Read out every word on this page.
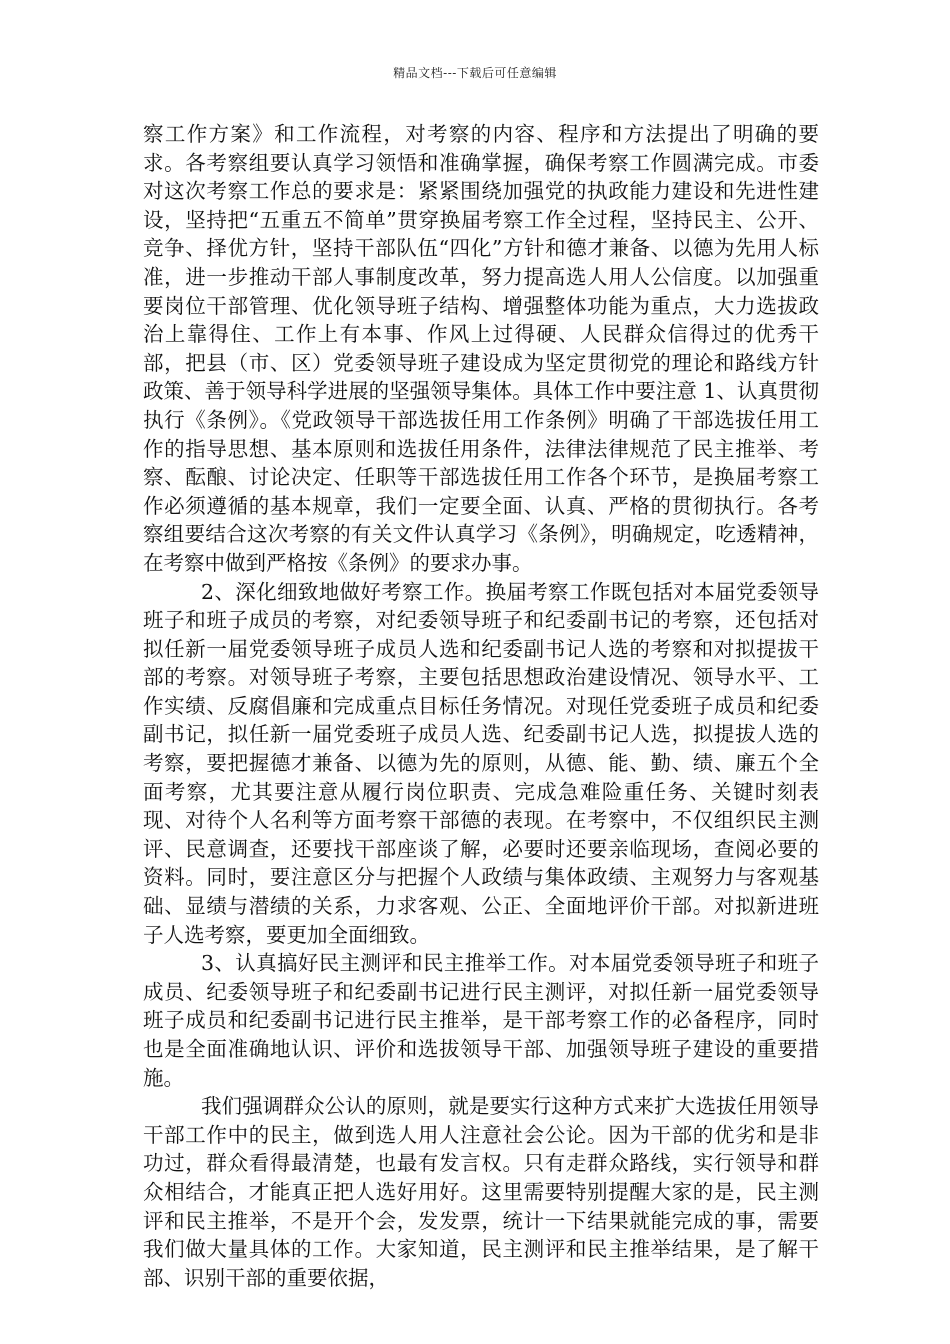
精品文档---下载后可任意编辑

察工作方案》和工作流程，对考察的内容、程序和方法提出了明确的要求。各考察组要认真学习领悟和准确掌握，确保考察工作圆满完成。市委对这次考察工作总的要求是：紧紧围绕加强党的执政能力建设和先进性建设，坚持把“五重五不简单”贯穿换届考察工作全过程，坚持民主、公开、竞争、择优方针，坚持干部队伍“四化”方针和德才兼备、以德为先用人标准，进一步推动干部人事制度改革，努力提高选人用人公信度。以加强重要岗位干部管理、优化领导班子结构、增强整体功能为重点，大力选拔政治上靠得住、工作上有本事、作风上过得硬、人民群众信得过的优秀干部，把县（市、区）党委领导班子建设成为坚定贯彻党的理论和路线方针政策、善于领导科学进展的坚强领导集体。具体工作中要注意 1、认真贯彻执行《条例》。《党政领导干部选拔任用工作条例》明确了干部选拔任用工作的指导思想、基本原则和选拔任用条件，法律法律规范了民主推举、考察、酝酿、讨论决定、任职等干部选拔任用工作各个环节，是换届考察工作必须遵循的基本规章，我们一定要全面、认真、严格的贯彻执行。各考察组要结合这次考察的有关文件认真学习《条例》，明确规定，吃透精神，在考察中做到严格按《条例》的要求办事。

2、深化细致地做好考察工作。换届考察工作既包括对本届党委领导班子和班子成员的考察，对纪委领导班子和纪委副书记的考察，还包括对拟任新一届党委领导班子成员人选和纪委副书记人选的考察和对拟提拔干部的考察。对领导班子考察，主要包括思想政治建设情况、领导水平、工作实绩、反腐倡廉和完成重点目标任务情况。对现任党委班子成员和纪委副书记，拟任新一届党委班子成员人选、纪委副书记人选，拟提拔人选的考察，要把握德才兼备、以德为先的原则，从德、能、勤、绩、廉五个全面考察，尤其要注意从履行岗位职责、完成急难险重任务、关键时刻表现、对待个人名利等方面考察干部德的表现。在考察中，不仅组织民主测评、民意调查，还要找干部座谈了解，必要时还要亲临现场，查阅必要的资料。同时，要注意区分与把握个人政绩与集体政绩、主观努力与客观基础、显绩与潜绩的关系，力求客观、公正、全面地评价干部。对拟新进班子人选考察，要更加全面细致。

3、认真搞好民主测评和民主推举工作。对本届党委领导班子和班子成员、纪委领导班子和纪委副书记进行民主测评，对拟任新一届党委领导班子成员和纪委副书记进行民主推举，是干部考察工作的必备程序，同时也是全面准确地认识、评价和选拔领导干部、加强领导班子建设的重要措施。

我们强调群众公认的原则，就是要实行这种方式来扩大选拔任用领导干部工作中的民主，做到选人用人注意社会公论。因为干部的优劣和是非功过，群众看得最清楚，也最有发言权。只有走群众路线，实行领导和群众相结合，才能真正把人选好用好。这里需要特别提醒大家的是，民主测评和民主推举，不是开个会，发发票，统计一下结果就能完成的事，需要我们做大量具体的工作。大家知道，民主测评和民主推举结果，是了解干部、识别干部的重要依据，
